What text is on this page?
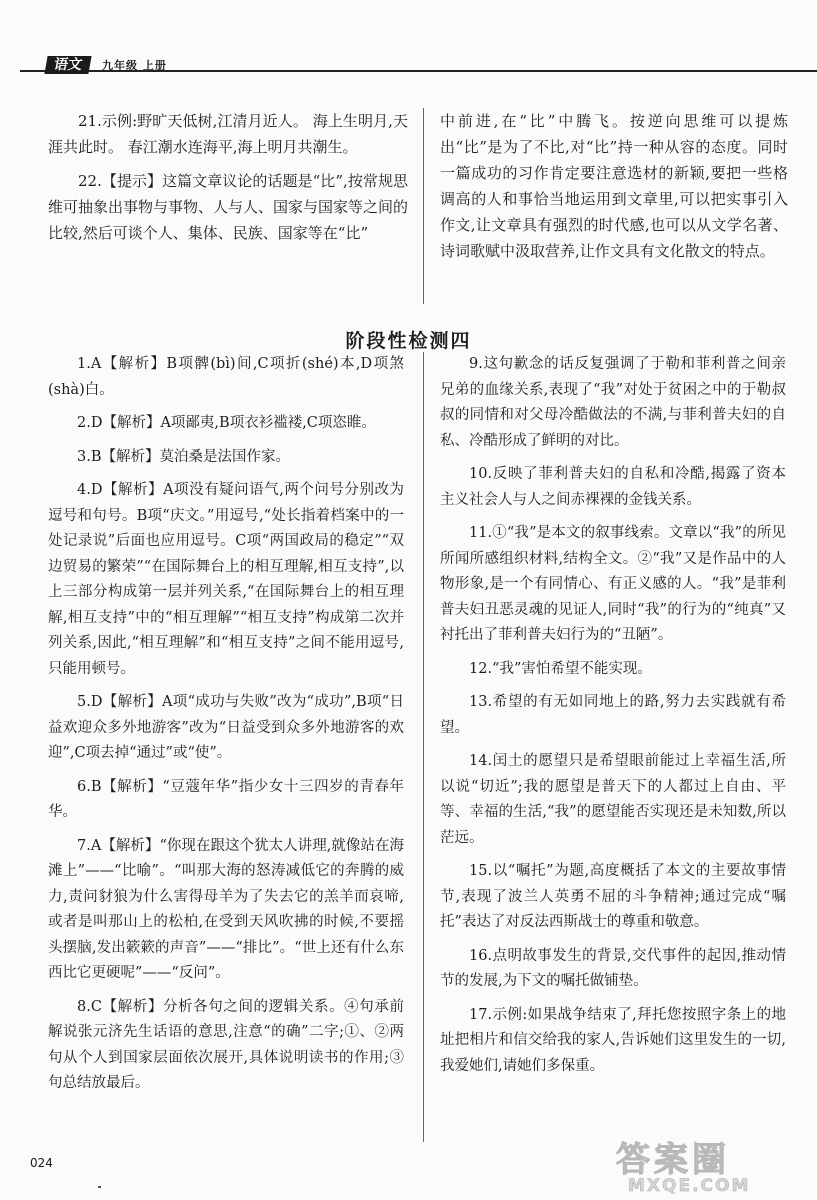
语文	九年级 上册

21.示例:野旷天低树,江清月近人。 海上生明月,天涯共此时。 春江潮水连海平,海上明月共潮生。

22.【提示】这篇文章议论的话题是“比”,按常规思维可抽象出事物与事物、人与人、国家与国家等之间的比较,然后可谈个人、集体、民族、国家等在“比”

中前进,在“比”中腾飞。按逆向思维可以提炼出“比”是为了不比,对“比”持一种从容的态度。同时一篇成功的习作肯定要注意选材的新颖,要把一些格调高的人和事恰当地运用到文章里,可以把实事引入作文,让文章具有强烈的时代感,也可以从文学名著、诗词歌赋中汲取营养,让作文具有文化散文的特点。

阶段性检测四

1.A【解析】B项髀(bì)间,C项折(shé)本,D项煞(shà)白。

2.D【解析】A项鄙夷,B项衣衫褴褛,C项恣睢。

3.B【解析】莫泊桑是法国作家。

4.D【解析】A项没有疑问语气,两个问号分别改为逗号和句号。B项“庆文。”用逗号,“处长指着档案中的一处记录说”后面也应用逗号。C项“两国政局的稳定”“双边贸易的繁荣”“在国际舞台上的相互理解,相互支持”,以上三部分构成第一层并列关系,“在国际舞台上的相互理解,相互支持”中的“相互理解”“相互支持”构成第二次并列关系,因此,“相互理解”和“相互支持”之间不能用逗号,只能用顿号。

5.D【解析】A项“成功与失败”改为“成功”,B项“日益欢迎众多外地游客”改为“日益受到众多外地游客的欢迎”,C项去掉“通过”或“使”。

6.B【解析】“豆蔻年华”指少女十三四岁的青春年华。

7.A【解析】“你现在跟这个犹太人讲理,就像站在海滩上”——“比喻”。“叫那大海的怒涛减低它的奔腾的威力,责问豺狼为什么害得母羊为了失去它的羔羊而哀啼,或者是叫那山上的松柏,在受到天风吹拂的时候,不要摇头摆脑,发出簌簌的声音”——“排比”。“世上还有什么东西比它更硬呢”——“反问”。

8.C【解析】分析各句之间的逻辑关系。④句承前解说张元济先生话语的意思,注意“的确”二字;①、②两句从个人到国家层面依次展开,具体说明读书的作用;③句总结放最后。

9.这句歉念的话反复强调了于勒和菲利普之间亲兄弟的血缘关系,表现了“我”对处于贫困之中的于勒叔叔的同情和对父母冷酷做法的不满,与菲利普夫妇的自私、冷酷形成了鲜明的对比。

10.反映了菲利普夫妇的自私和冷酷,揭露了资本主义社会人与人之间赤裸裸的金钱关系。

11.①“我”是本文的叙事线索。文章以“我”的所见所闻所感组织材料,结构全文。②“我”又是作品中的人物形象,是一个有同情心、有正义感的人。“我”是菲利普夫妇丑恶灵魂的见证人,同时“我”的行为的“纯真”又衬托出了菲利普夫妇行为的“丑陋”。

12.“我”害怕希望不能实现。

13.希望的有无如同地上的路,努力去实践就有希望。

14.闰土的愿望只是希望眼前能过上幸福生活,所以说“切近”;我的愿望是普天下的人都过上自由、平等、幸福的生活,“我”的愿望能否实现还是未知数,所以茫远。

15.以“嘱托”为题,高度概括了本文的主要故事情节,表现了波兰人英勇不屈的斗争精神;通过完成“嘱托”表达了对反法西斯战士的尊重和敬意。

16.点明故事发生的背景,交代事件的起因,推动情节的发展,为下文的嘱托做铺垫。

17.示例:如果战争结束了,拜托您按照字条上的地址把相片和信交给我的家人,告诉她们这里发生的一切,我爱她们,请她们多保重。

024	答案圈
MXQE.COM
